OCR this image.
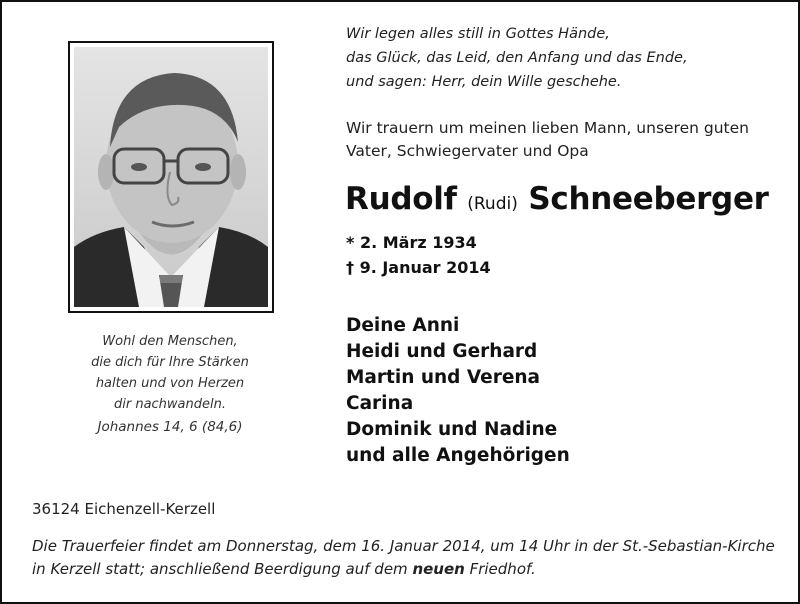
Wohl den Menschen,
die dich für Ihre Stärken
halten und von Herzen
dir nachwandeln.
Johannes 14, 6 (84,6)
Wir legen alles still in Gottes Hände,
das Glück, das Leid, den Anfang und das Ende,
und sagen: Herr, dein Wille geschehe.
Wir trauern um meinen lieben Mann, unseren guten
Vater, Schwiegervater und Opa
Rudolf (Rudi) Schneeberger
* 2. März 1934
† 9. Januar 2014
Deine Anni
Heidi und Gerhard
Martin und Verena
Carina
Dominik und Nadine
und alle Angehörigen
36124 Eichenzell-Kerzell
Die Trauerfeier findet am Donnerstag, dem 16. Januar 2014, um 14 Uhr in der St.-Sebastian-Kirche
in Kerzell statt; anschließend Beerdigung auf dem neuen Friedhof.
